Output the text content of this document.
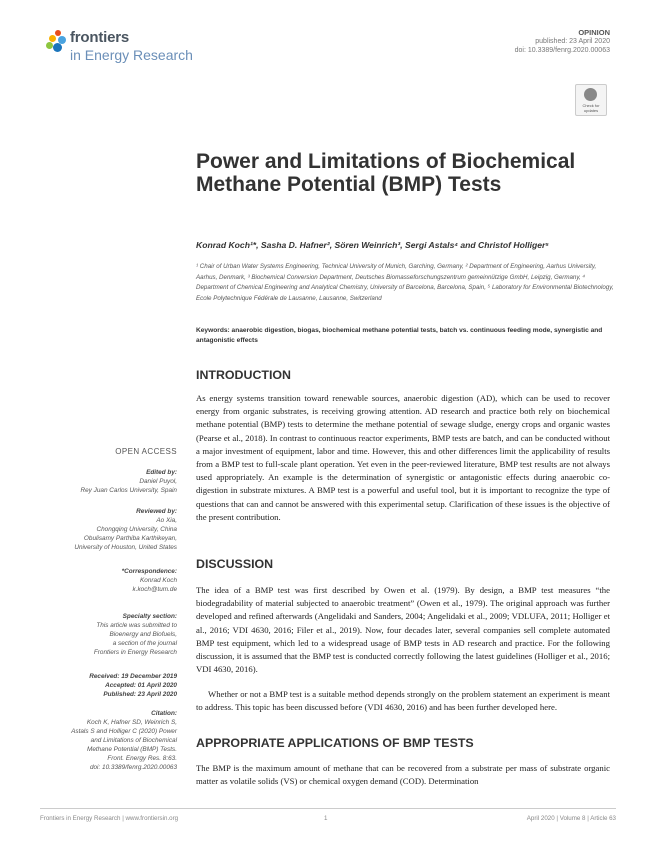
frontiers
in Energy Research
OPINION
published: 23 April 2020
doi: 10.3389/fenrg.2020.00063
Check for updates
Power and Limitations of Biochemical Methane Potential (BMP) Tests
Konrad Koch¹*, Sasha D. Hafner², Sören Weinrich³, Sergi Astals⁴ and Christof Holliger⁵
¹ Chair of Urban Water Systems Engineering, Technical University of Munich, Garching, Germany, ² Department of Engineering, Aarhus University, Aarhus, Denmark, ³ Biochemical Conversion Department, Deutsches Biomasseforschungszentrum gemeinnützige GmbH, Leipzig, Germany, ⁴ Department of Chemical Engineering and Analytical Chemistry, University of Barcelona, Barcelona, Spain, ⁵ Laboratory for Environmental Biotechnology, Ecole Polytechnique Fédérale de Lausanne, Lausanne, Switzerland
Keywords: anaerobic digestion, biogas, biochemical methane potential tests, batch vs. continuous feeding mode, synergistic and antagonistic effects
OPEN ACCESS
Edited by:
Daniel Puyol,
Rey Juan Carlos University, Spain
Reviewed by:
Ao Xia,
Chongqing University, China
Obulisamy Parthiba Karthikeyan,
University of Houston, United States
*Correspondence:
Konrad Koch
k.koch@tum.de
Specialty section:
This article was submitted to
Bioenergy and Biofuels,
a section of the journal
Frontiers in Energy Research
Received: 19 December 2019
Accepted: 01 April 2020
Published: 23 April 2020
Citation:
Koch K, Hafner SD, Weinrich S,
Astals S and Holliger C (2020) Power
and Limitations of Biochemical
Methane Potential (BMP) Tests.
Front. Energy Res. 8:63.
doi: 10.3389/fenrg.2020.00063
INTRODUCTION
As energy systems transition toward renewable sources, anaerobic digestion (AD), which can be used to recover energy from organic substrates, is receiving growing attention. AD research and practice both rely on biochemical methane potential (BMP) tests to determine the methane potential of sewage sludge, energy crops and organic wastes (Pearse et al., 2018). In contrast to continuous reactor experiments, BMP tests are batch, and can be conducted without a major investment of equipment, labor and time. However, this and other differences limit the applicability of results from a BMP test to full-scale plant operation. Yet even in the peer-reviewed literature, BMP test results are not always used appropriately. An example is the determination of synergistic or antagonistic effects during anaerobic co-digestion in substrate mixtures. A BMP test is a powerful and useful tool, but it is important to recognize the type of questions that can and cannot be answered with this experimental setup. Clarification of these issues is the objective of the present contribution.
DISCUSSION
The idea of a BMP test was first described by Owen et al. (1979). By design, a BMP test measures “the biodegradability of material subjected to anaerobic treatment” (Owen et al., 1979). The original approach was further developed and refined afterwards (Angelidaki and Sanders, 2004; Angelidaki et al., 2009; VDLUFA, 2011; Holliger et al., 2016; VDI 4630, 2016; Filer et al., 2019). Now, four decades later, several companies sell complete automated BMP test equipment, which led to a widespread usage of BMP tests in AD research and practice. For the following discussion, it is assumed that the BMP test is conducted correctly following the latest guidelines (Holliger et al., 2016; VDI 4630, 2016).
Whether or not a BMP test is a suitable method depends strongly on the problem statement an experiment is meant to address. This topic has been discussed before (VDI 4630, 2016) and has been further developed here.
APPROPRIATE APPLICATIONS OF BMP TESTS
The BMP is the maximum amount of methane that can be recovered from a substrate per mass of substrate organic matter as volatile solids (VS) or chemical oxygen demand (COD). Determination
Frontiers in Energy Research | www.frontiersin.org	1	April 2020 | Volume 8 | Article 63
